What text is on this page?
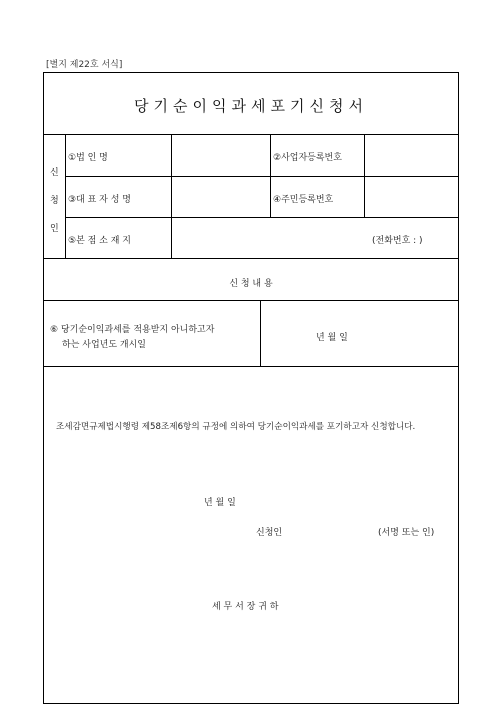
[별지 제22호 서식]
당기순이익과세포기신청서
신
청
인
①법 인 명	②사업자등록번호
③대 표 자 성 명	④주민등록번호
⑤본 점 소 재 지	(전화번호 : )
신 청 내 용
⑥ 당기순이익과세를 적용받지 아니하고자
하는 사업년도 개시일
년 월 일
조세감면규제법시행령 제58조제6항의 규정에 의하여 당기순이익과세를 포기하고자 신청합니다.
년 월 일
신청인	(서명 또는 인)
세 무 서 장 귀 하
